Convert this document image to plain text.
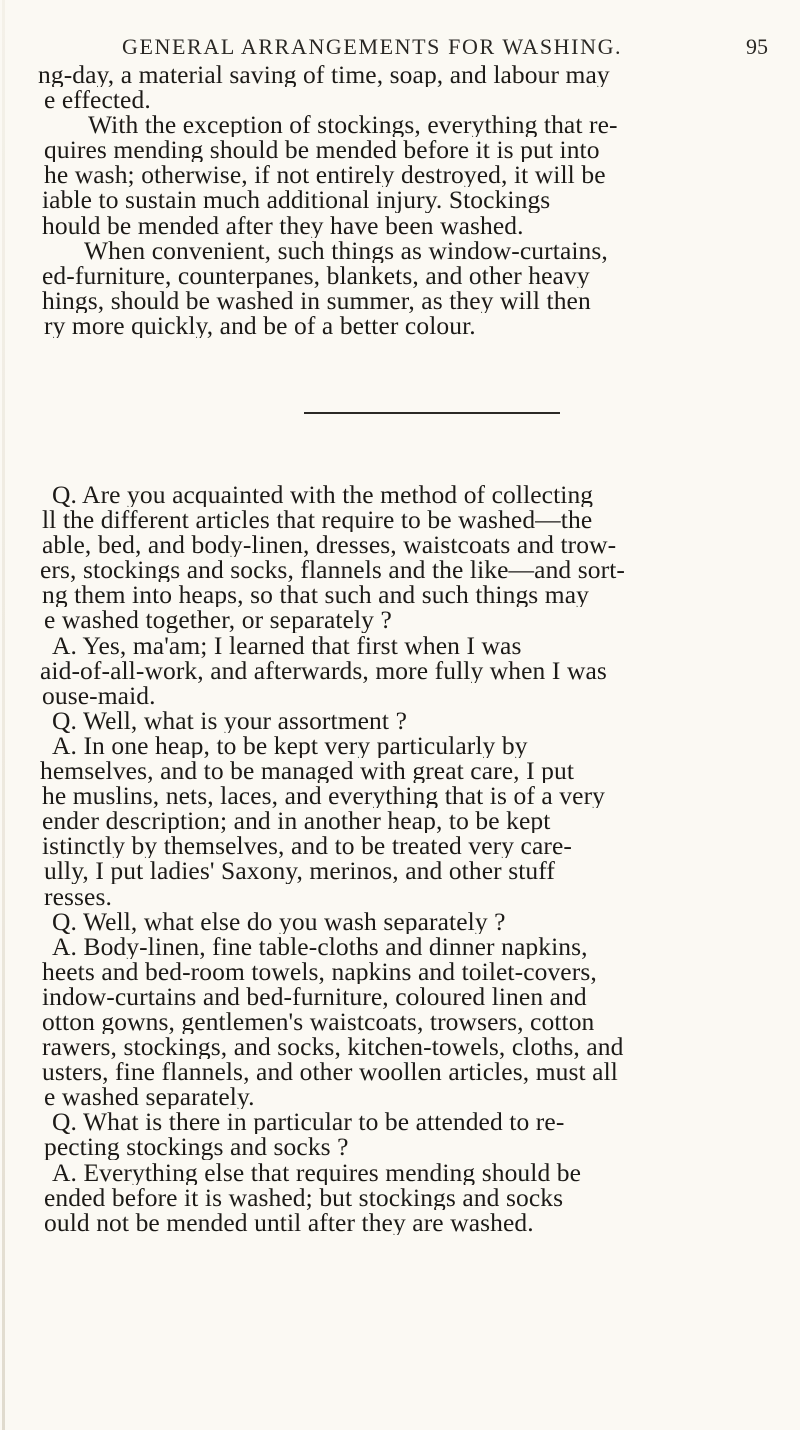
GENERAL ARRANGEMENTS FOR WASHING.	95
ng-day, a material saving of time, soap, and labour may
e effected.
With the exception of stockings, everything that re-
quires mending should be mended before it is put into
he wash; otherwise, if not entirely destroyed, it will be
iable to sustain much additional injury. Stockings
hould be mended after they have been washed.
When convenient, such things as window-curtains,
ed-furniture, counterpanes, blankets, and other heavy
hings, should be washed in summer, as they will then
ry more quickly, and be of a better colour.
Q. Are you acquainted with the method of collecting
ll the different articles that require to be washed—the
able, bed, and body-linen, dresses, waistcoats and trow-
ers, stockings and socks, flannels and the like—and sort-
ng them into heaps, so that such and such things may
e washed together, or separately ?
A. Yes, ma'am; I learned that first when I was
aid-of-all-work, and afterwards, more fully when I was
ouse-maid.
Q. Well, what is your assortment ?
A. In one heap, to be kept very particularly by
hemselves, and to be managed with great care, I put
he muslins, nets, laces, and everything that is of a very
ender description; and in another heap, to be kept
istinctly by themselves, and to be treated very care-
ully, I put ladies' Saxony, merinos, and other stuff
resses.
Q. Well, what else do you wash separately ?
A. Body-linen, fine table-cloths and dinner napkins,
heets and bed-room towels, napkins and toilet-covers,
indow-curtains and bed-furniture, coloured linen and
otton gowns, gentlemen's waistcoats, trowsers, cotton
rawers, stockings, and socks, kitchen-towels, cloths, and
usters, fine flannels, and other woollen articles, must all
e washed separately.
Q. What is there in particular to be attended to re-
pecting stockings and socks ?
A. Everything else that requires mending should be
ended before it is washed; but stockings and socks
ould not be mended until after they are washed.
